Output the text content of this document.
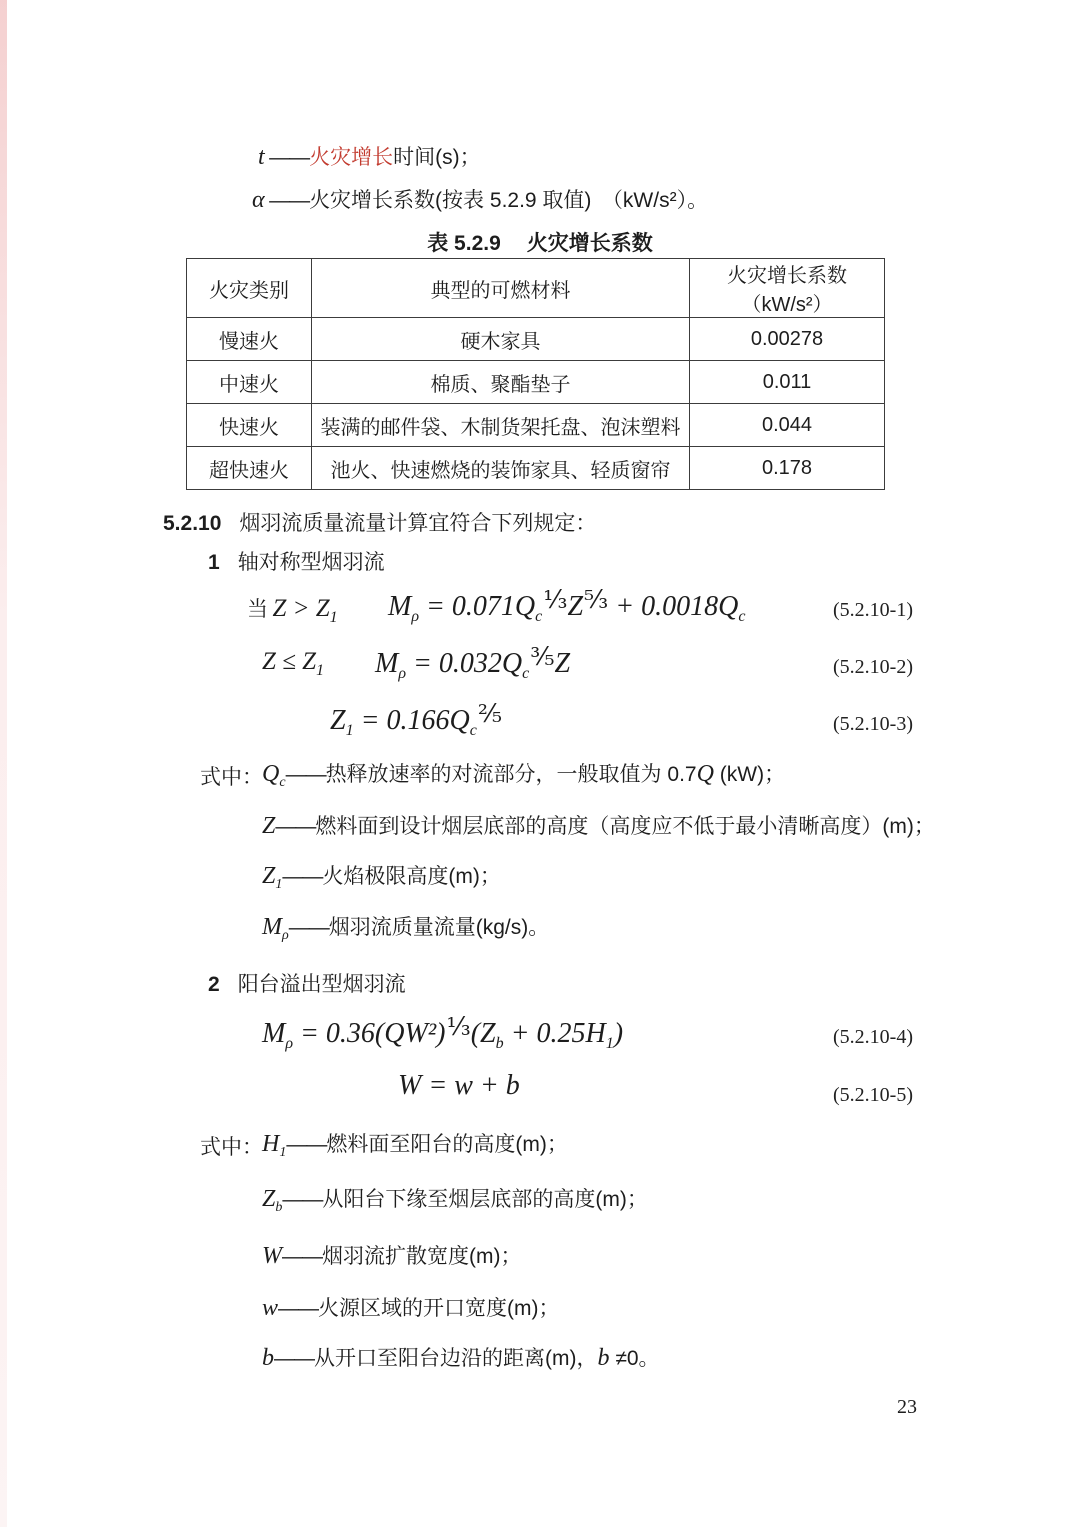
t ——火灾增长时间(s)；
α ——火灾增长系数(按表 5.2.9 取值)　（kW/s²）。
表 5.2.9 火灾增长系数
火灾类别	典型的可燃材料	火灾增长系数（kW/s²）
慢速火	硬木家具	0.00278
中速火	棉质、聚酯垫子	0.011
快速火	装满的邮件袋、木制货架托盘、泡沫塑料	0.044
超快速火	池火、快速燃烧的装饰家具、轻质窗帘	0.178
5.2.10 烟羽流质量流量计算宜符合下列规定：
1 轴对称型烟羽流
当 $Z > Z_1$ $M_\rho = 0.071Q_c^{^1⁄_3}Z^{^5⁄_3} + 0.0018Q_c$	(5.2.10-1)
$Z \le Z_1$ $M_\rho = 0.032Q_c^{^3⁄_5}Z$	(5.2.10-2)
$Z_1 = 0.166Q_c^{^2⁄_5}$	(5.2.10-3)
式中： $Q_c——$热释放速率的对流部分，一般取值为 0.7Q (kW)；
Z——燃料面到设计烟层底部的高度（高度应不低于最小清晰高度）(m)；
$Z_1——$火焰极限高度(m)；
$M_\rho——$烟羽流质量流量(kg/s)。
2 阳台溢出型烟羽流
$M_\rho = 0.36(QW^2)^{^1⁄_3}(Z_b + 0.25H_1)$	(5.2.10-4)
W = w + b	(5.2.10-5)
式中： $H_1——$燃料面至阳台的高度(m)；
$Z_b——$从阳台下缘至烟层底部的高度(m)；
W——烟羽流扩散宽度(m)；
w——火源区域的开口宽度(m)；
b——从开口至阳台边沿的距离(m)，b ≠0。
23
